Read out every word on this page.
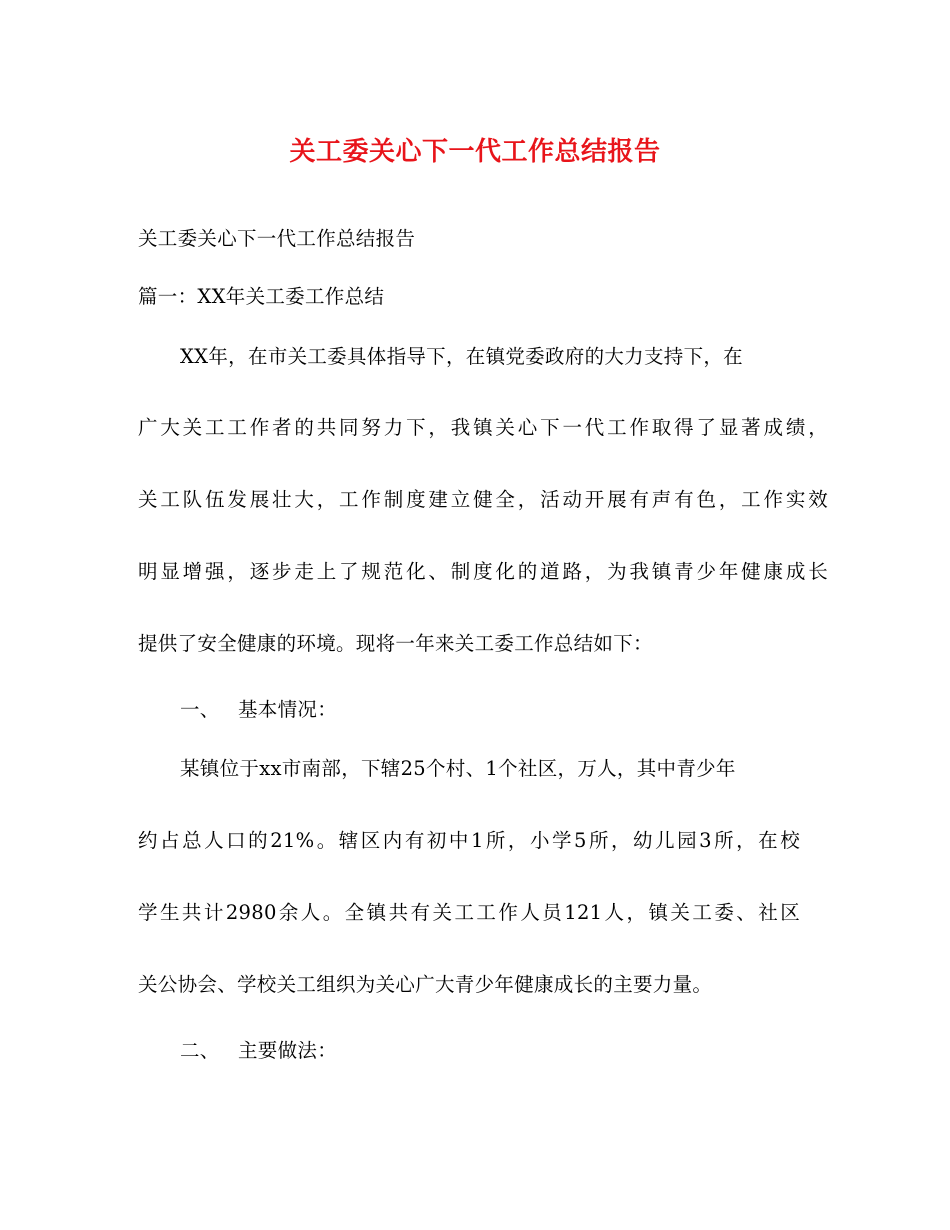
关工委关心下一代工作总结报告
关工委关心下一代工作总结报告
篇一：XX年关工委工作总结
XX年，在市关工委具体指导下，在镇党委政府的大力支持下，在
广大关工工作者的共同努力下，我镇关心下一代工作取得了显著成绩，
关工队伍发展壮大，工作制度建立健全，活动开展有声有色，工作实效
明显增强，逐步走上了规范化、制度化的道路，为我镇青少年健康成长
提供了安全健康的环境。现将一年来关工委工作总结如下：
一、 基本情况：
某镇位于xx市南部，下辖25个村、1个社区，万人，其中青少年
约占总人口的21%。辖区内有初中1所，小学5所，幼儿园3所，在校
学生共计2980余人。全镇共有关工工作人员121人，镇关工委、社区
关公协会、学校关工组织为关心广大青少年健康成长的主要力量。
二、 主要做法：
